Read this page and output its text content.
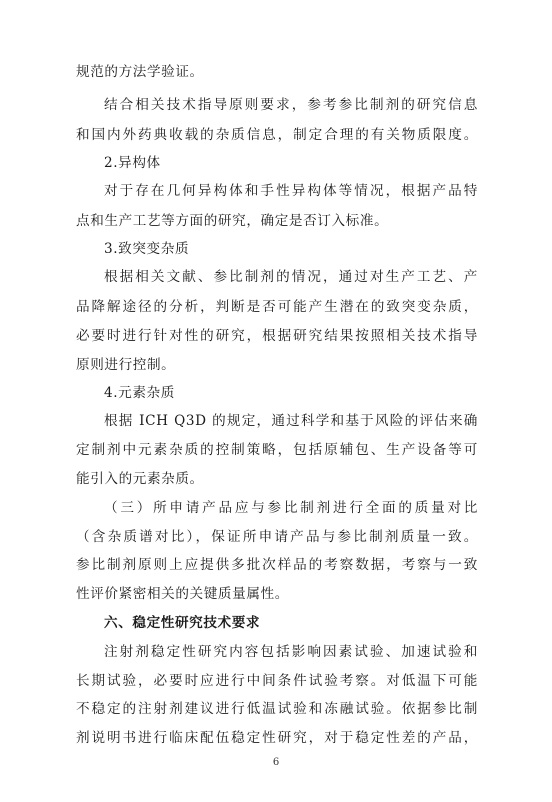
规范的方法学验证。
结合相关技术指导原则要求，参考参比制剂的研究信息
和国内外药典收载的杂质信息，制定合理的有关物质限度。
2.异构体
对于存在几何异构体和手性异构体等情况，根据产品特
点和生产工艺等方面的研究，确定是否订入标准。
3.致突变杂质
根据相关文献、参比制剂的情况，通过对生产工艺、产
品降解途径的分析，判断是否可能产生潜在的致突变杂质，
必要时进行针对性的研究，根据研究结果按照相关技术指导
原则进行控制。
4.元素杂质
根据 ICH Q3D 的规定，通过科学和基于风险的评估来确
定制剂中元素杂质的控制策略，包括原辅包、生产设备等可
能引入的元素杂质。
（三）所申请产品应与参比制剂进行全面的质量对比
（含杂质谱对比），保证所申请产品与参比制剂质量一致。
参比制剂原则上应提供多批次样品的考察数据，考察与一致
性评价紧密相关的关键质量属性。
六、稳定性研究技术要求
注射剂稳定性研究内容包括影响因素试验、加速试验和
长期试验，必要时应进行中间条件试验考察。对低温下可能
不稳定的注射剂建议进行低温试验和冻融试验。依据参比制
剂说明书进行临床配伍稳定性研究，对于稳定性差的产品，
6
